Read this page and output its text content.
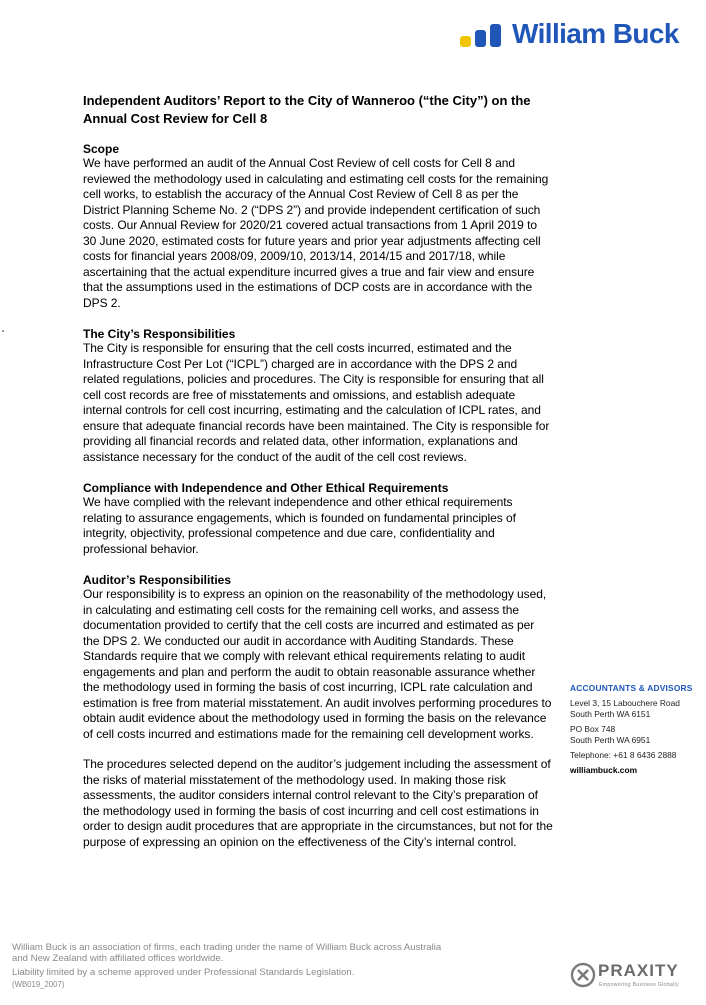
William Buck

Independent Auditors’ Report to the City of Wanneroo (“the City”) on the Annual Cost Review for Cell 8

Scope

We have performed an audit of the Annual Cost Review of cell costs for Cell 8 and reviewed the methodology used in calculating and estimating cell costs for the remaining cell works, to establish the accuracy of the Annual Cost Review of Cell 8 as per the District Planning Scheme No. 2 (“DPS 2”) and provide independent certification of such costs. Our Annual Review for 2020/21 covered actual transactions from 1 April 2019 to 30 June 2020, estimated costs for future years and prior year adjustments affecting cell costs for financial years 2008/09, 2009/10, 2013/14, 2014/15 and 2017/18, while ascertaining that the actual expenditure incurred gives a true and fair view and ensure that the assumptions used in the estimations of DCP costs are in accordance with the DPS 2.

The City’s Responsibilities

The City is responsible for ensuring that the cell costs incurred, estimated and the Infrastructure Cost Per Lot (“ICPL”) charged are in accordance with the DPS 2 and related regulations, policies and procedures. The City is responsible for ensuring that all cell cost records are free of misstatements and omissions, and establish adequate internal controls for cell cost incurring, estimating and the calculation of ICPL rates, and ensure that adequate financial records have been maintained. The City is responsible for providing all financial records and related data, other information, explanations and assistance necessary for the conduct of the audit of the cell cost reviews.

Compliance with Independence and Other Ethical Requirements

We have complied with the relevant independence and other ethical requirements relating to assurance engagements, which is founded on fundamental principles of integrity, objectivity, professional competence and due care, confidentiality and professional behavior.

Auditor’s Responsibilities

Our responsibility is to express an opinion on the reasonability of the methodology used, in calculating and estimating cell costs for the remaining cell works, and assess the documentation provided to certify that the cell costs are incurred and estimated as per the DPS 2. We conducted our audit in accordance with Auditing Standards. These Standards require that we comply with relevant ethical requirements relating to audit engagements and plan and perform the audit to obtain reasonable assurance whether the methodology used in forming the basis of cost incurring, ICPL rate calculation and estimation is free from material misstatement. An audit involves performing procedures to obtain audit evidence about the methodology used in forming the basis on the relevance of cell costs incurred and estimations made for the remaining cell development works.

The procedures selected depend on the auditor’s judgement including the assessment of the risks of material misstatement of the methodology used. In making those risk assessments, the auditor considers internal control relevant to the City’s preparation of the methodology used in forming the basis of cost incurring and cell cost estimations in order to design audit procedures that are appropriate in the circumstances, but not for the purpose of expressing an opinion on the effectiveness of the City’s internal control.

ACCOUNTANTS & ADVISORS
Level 3, 15 Labouchere Road
South Perth WA 6151
PO Box 748
South Perth WA 6951
Telephone: +61 8 6436 2888
williambuck.com
William Buck is an association of firms, each trading under the name of William Buck across Australia
and New Zealand with affiliated offices worldwide.
Liability limited by a scheme approved under Professional Standards Legislation.
(WB019_2007)
PRAXITY
Empowering Business Globally
